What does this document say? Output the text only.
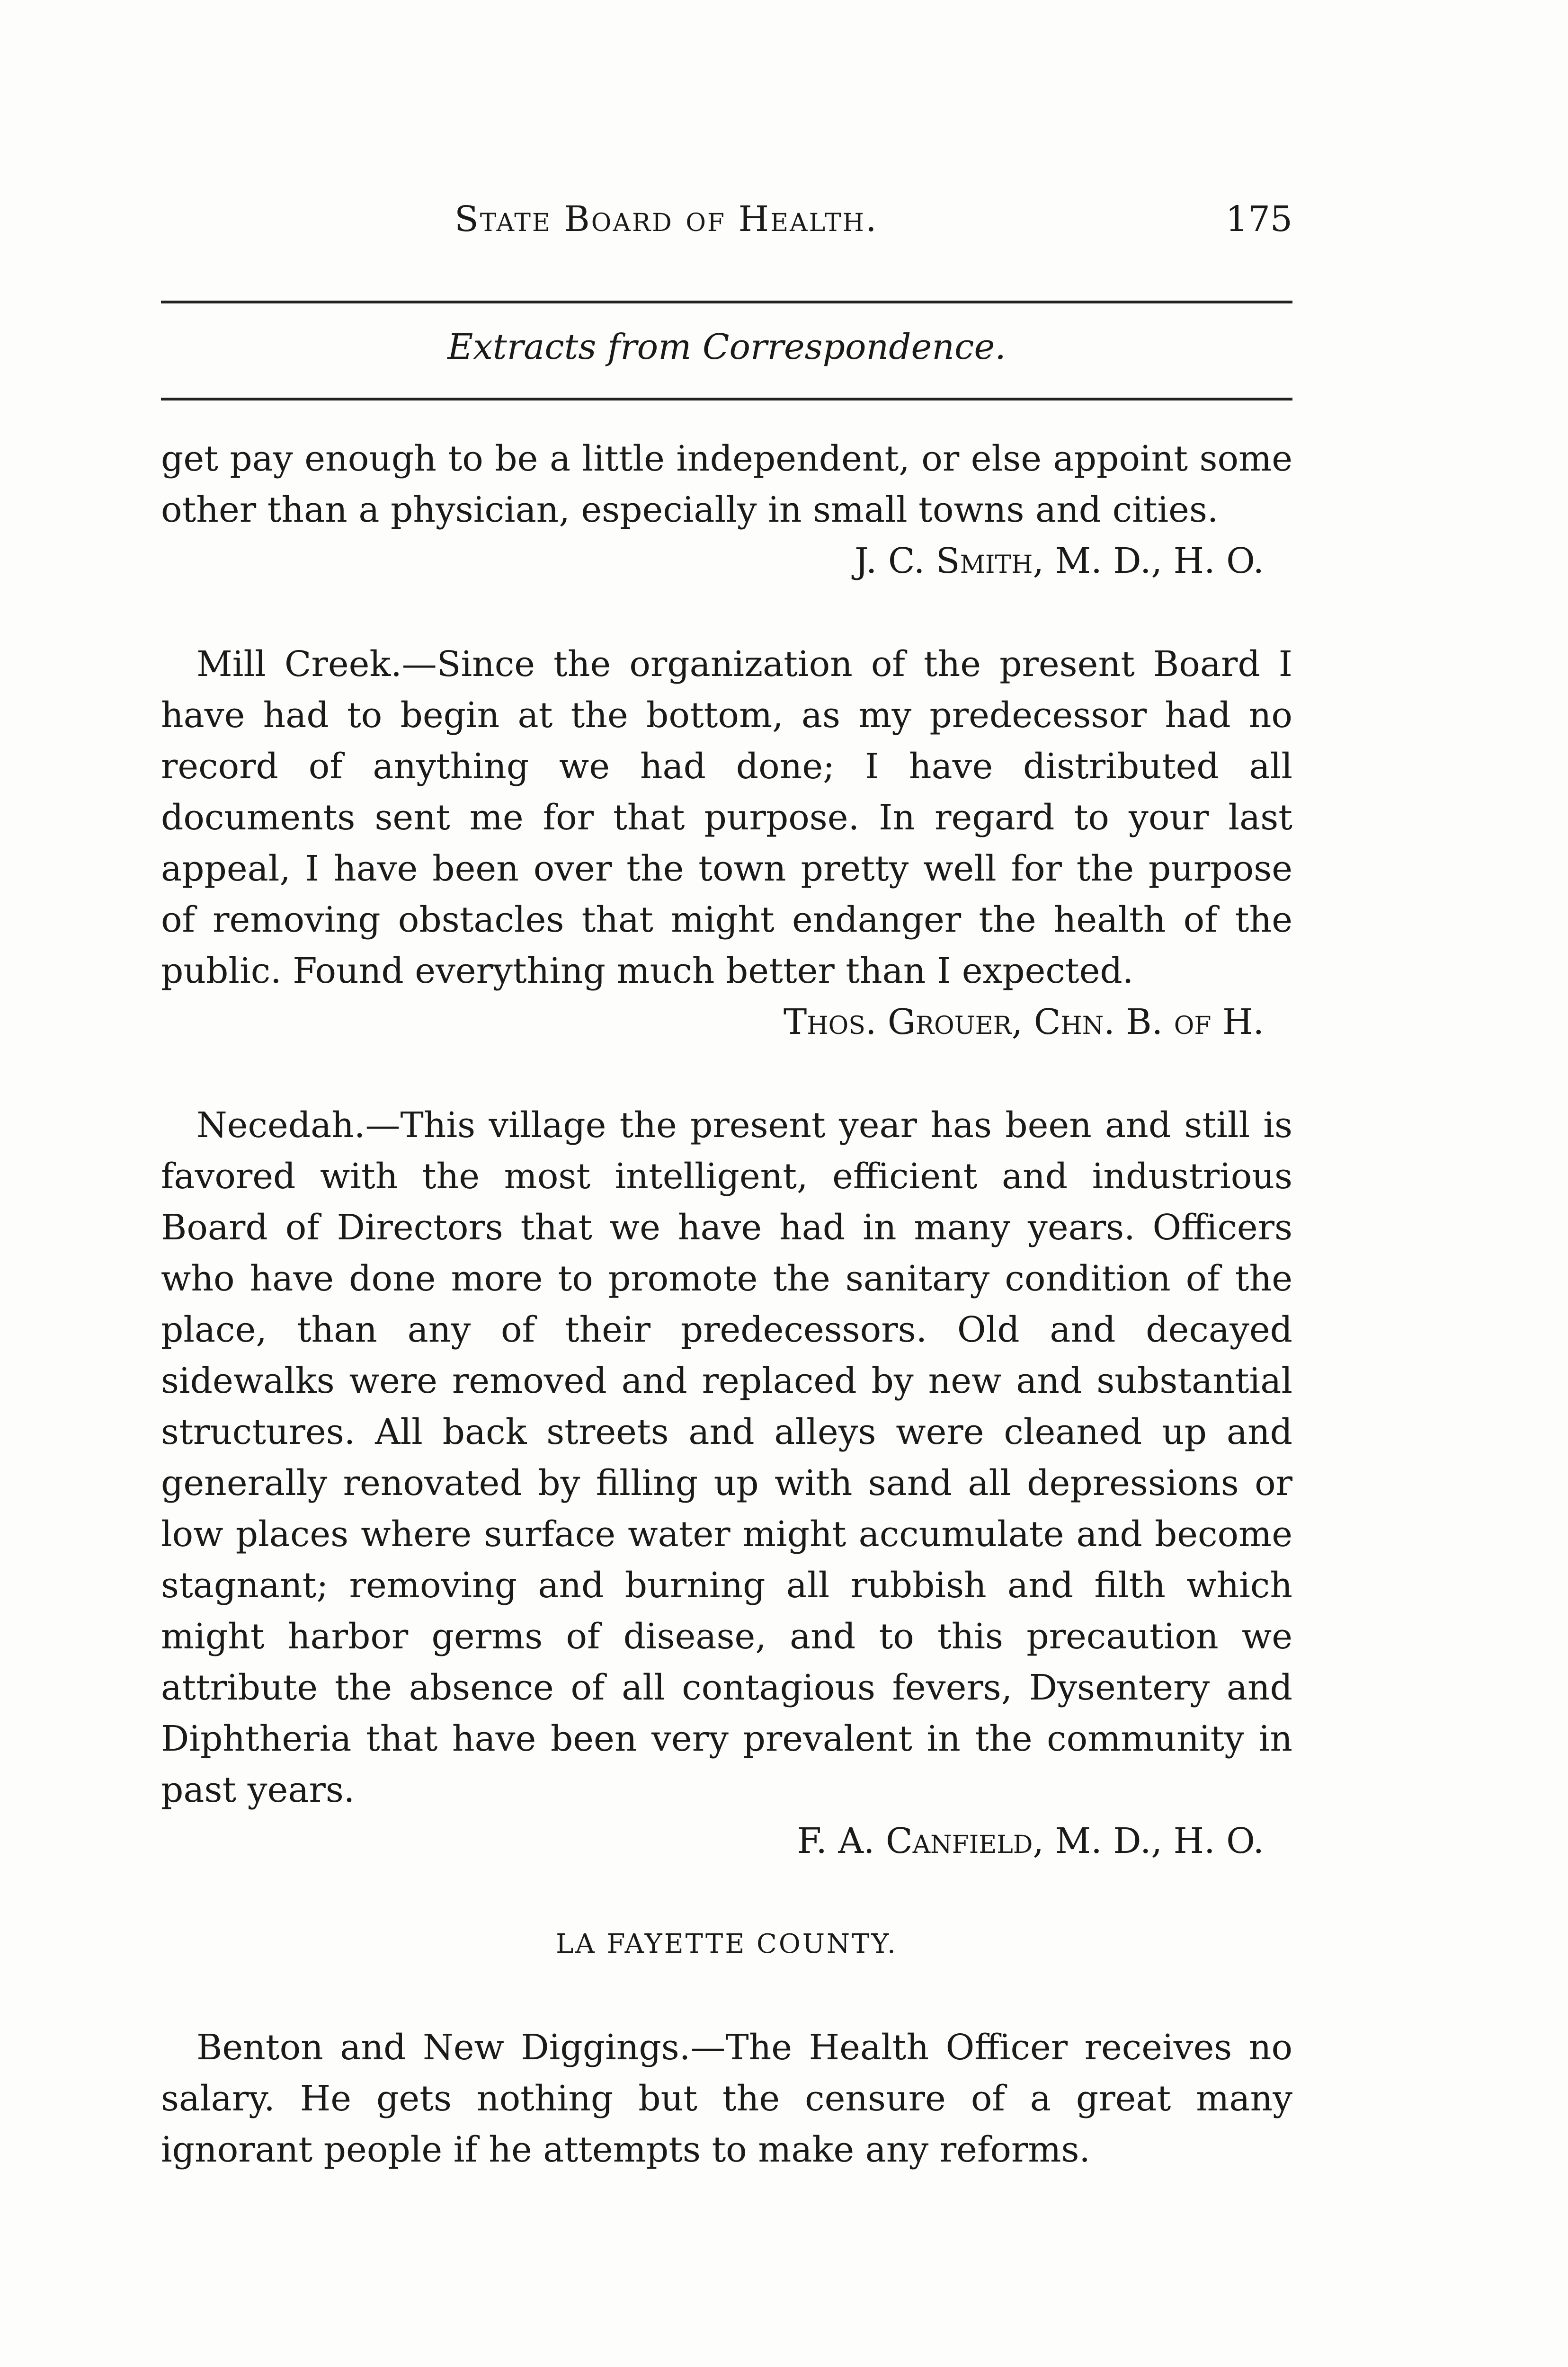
State Board of Health.	175
Extracts from Correspondence.

get pay enough to be a little independent, or else appoint some other than a physician, especially in small towns and cities.

J. C. Smith, M. D., H. O.

Mill Creek.—Since the organization of the present Board I have had to begin at the bottom, as my predecessor had no record of anything we had done; I have distributed all documents sent me for that purpose. In regard to your last appeal, I have been over the town pretty well for the purpose of removing obstacles that might endanger the health of the public. Found everything much better than I expected.

Thos. Grouer, Chn. B. of H.

Necedah.—This village the present year has been and still is favored with the most intelligent, efficient and industrious Board of Directors that we have had in many years. Officers who have done more to promote the sanitary condition of the place, than any of their predecessors. Old and decayed sidewalks were removed and replaced by new and substantial structures. All back streets and alleys were cleaned up and generally renovated by filling up with sand all depressions or low places where surface water might accumulate and become stagnant; removing and burning all rubbish and filth which might harbor germs of disease, and to this precaution we attribute the absence of all contagious fevers, Dysentery and Diphtheria that have been very prevalent in the community in past years.

F. A. Canfield, M. D., H. O.

LA FAYETTE COUNTY.

Benton and New Diggings.—The Health Officer receives no salary. He gets nothing but the censure of a great many ignorant people if he attempts to make any reforms.
